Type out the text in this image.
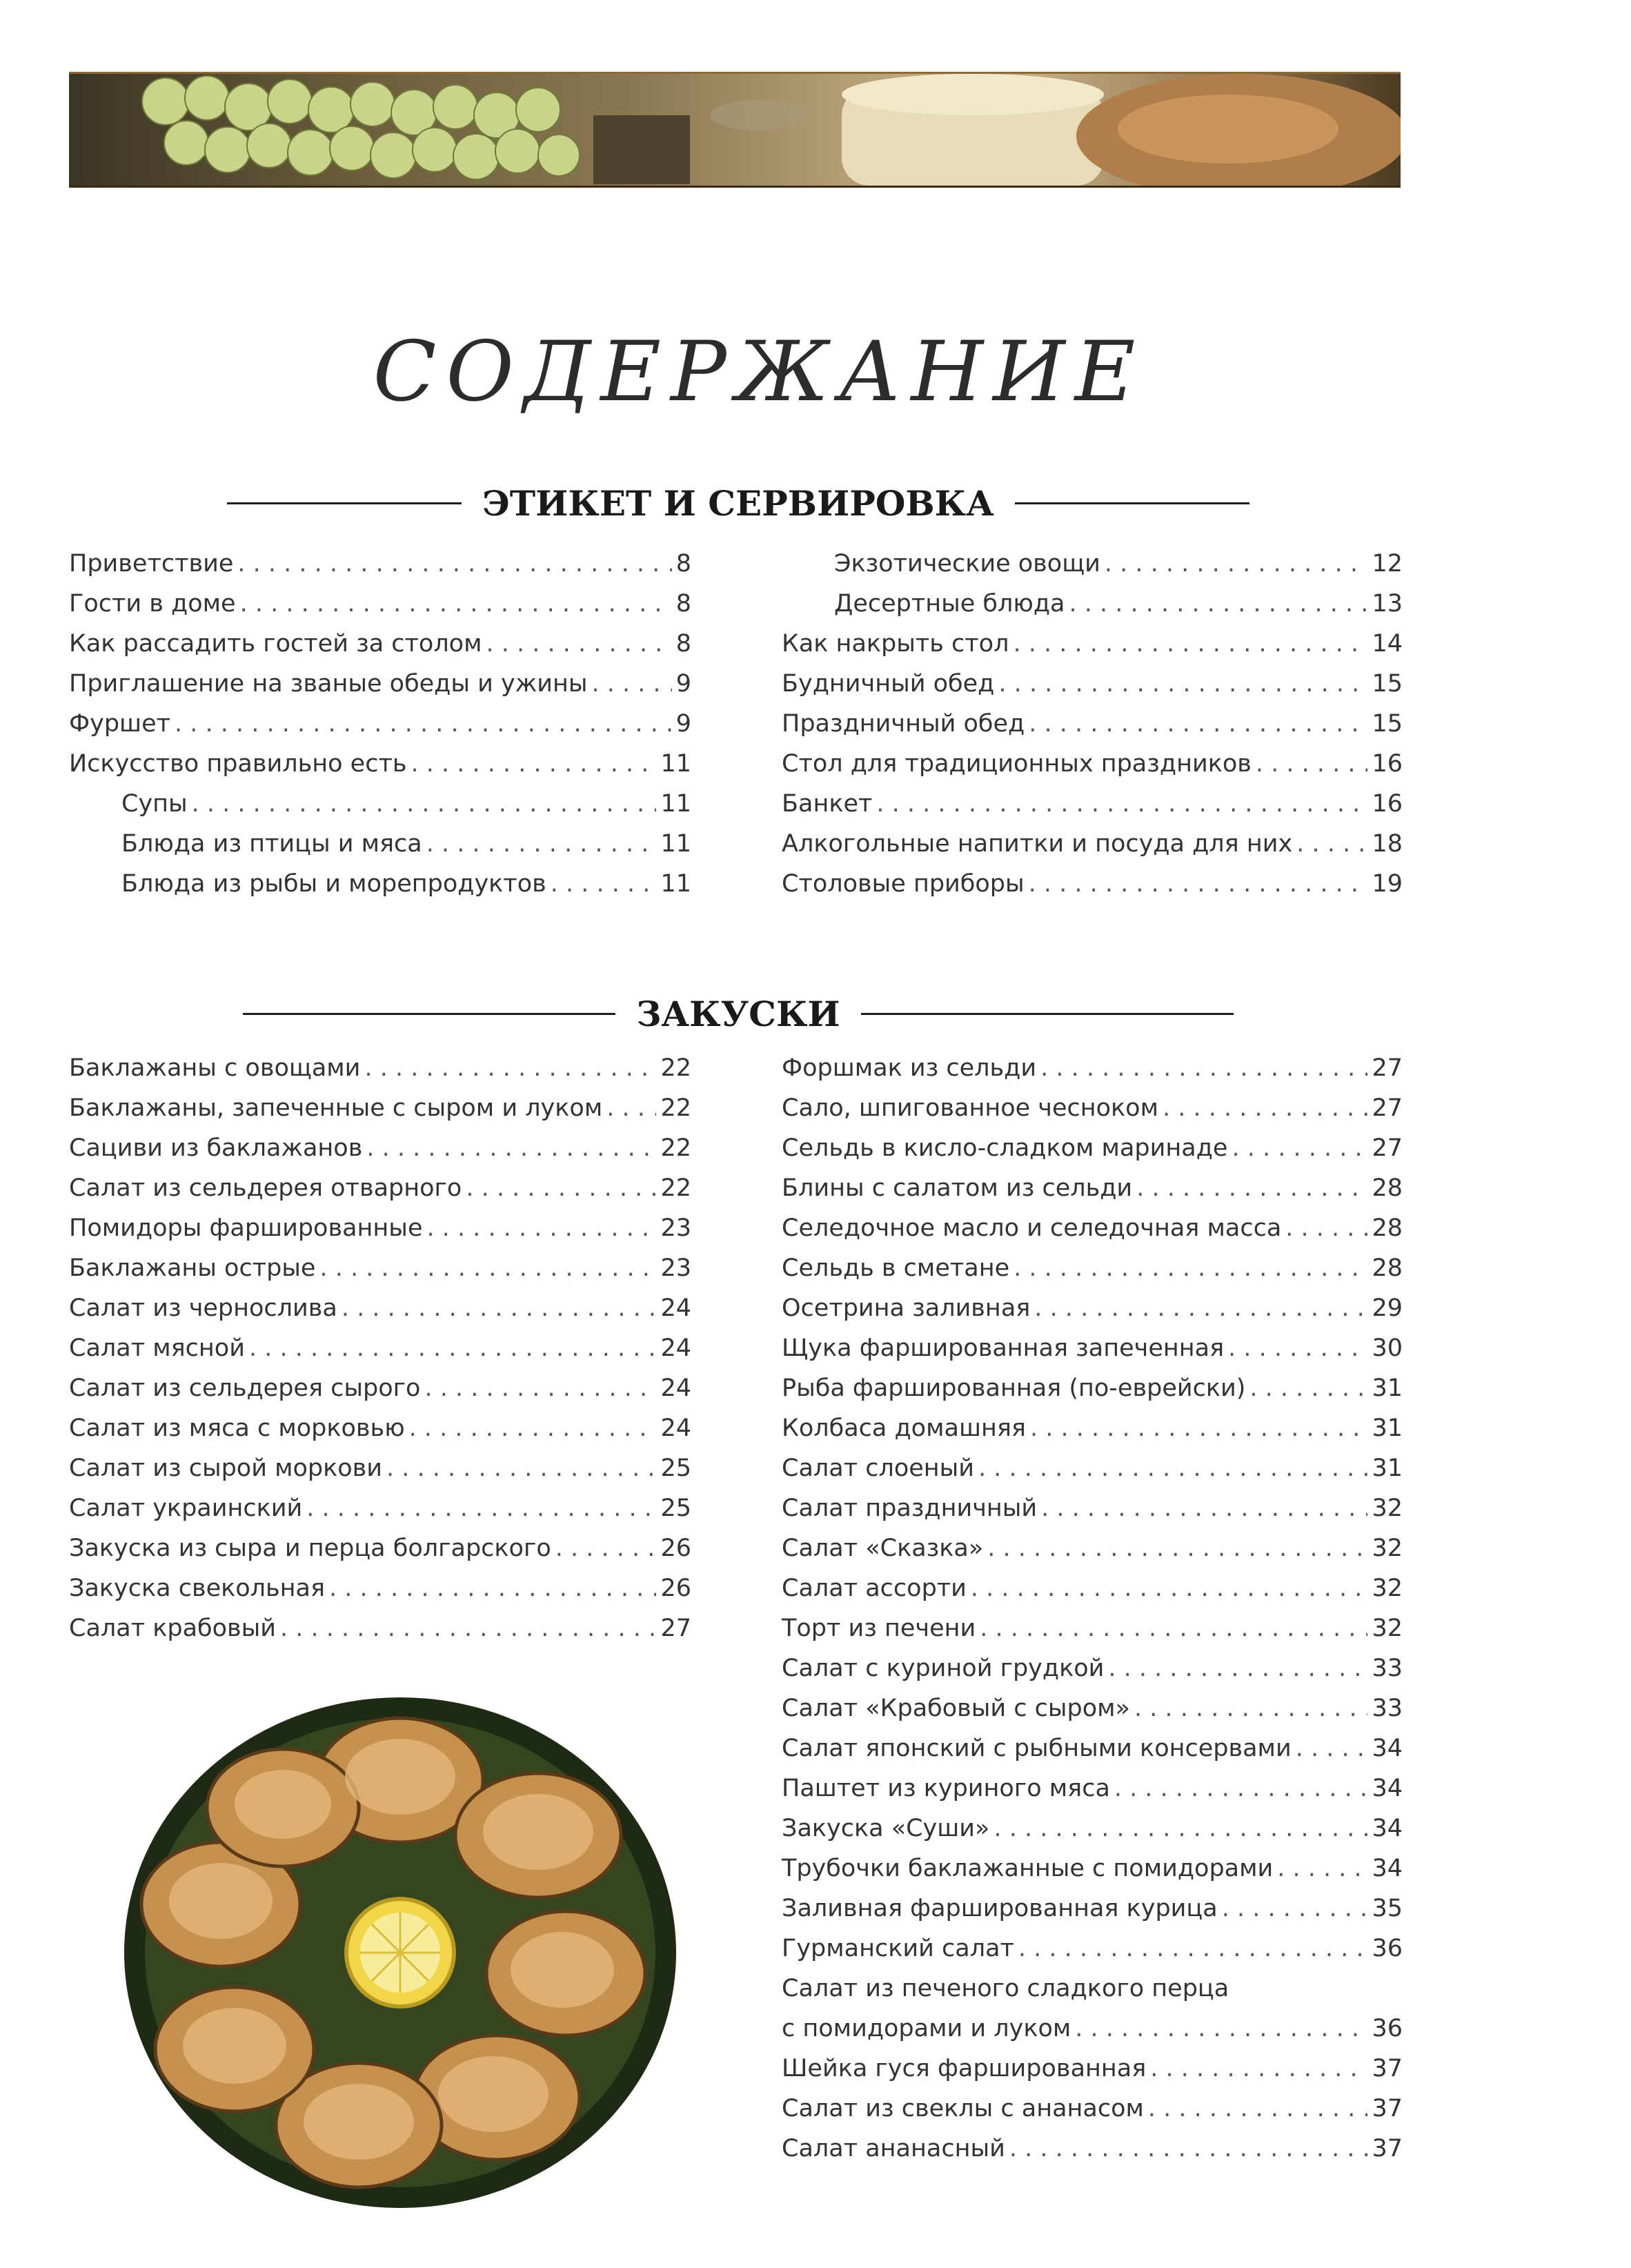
СОДЕРЖАНИЕ
ЭТИКЕТ И СЕРВИРОВКА
Приветствие . . .	8
Гости в доме . . .	8
Как рассадить гостей за столом . . .	8
Приглашение на званые обеды и ужины . . .	9
Фуршет . . .	9
Искусство правильно есть . . .	11
Супы . . .	11
Блюда из птицы и мяса . . .	11
Блюда из рыбы и морепродуктов . . .	11
Экзотические овощи . . .	12
Десертные блюда . . .	13
Как накрыть стол . . .	14
Будничный обед . . .	15
Праздничный обед . . .	15
Стол для традиционных праздников . . .	16
Банкет . . .	16
Алкогольные напитки и посуда для них . . .	18
Столовые приборы . . .	19
ЗАКУСКИ
Баклажаны с овощами . . .	22
Баклажаны, запеченные с сыром и луком . . . 22
Сациви из баклажанов . . .	22
Салат из сельдерея отварного . . .	22
Помидоры фаршированные . . .	23
Баклажаны острые . . .	23
Салат из чернослива . . .	24
Салат мясной . . .	24
Салат из сельдерея сырого . . .	24
Салат из мяса с морковью . . .	24
Салат из сырой моркови . . .	25
Салат украинский . . .	25
Закуска из сыра и перца болгарского . . .	26
Закуска свекольная . . .	26
Салат крабовый . . .	27
Форшмак из сельди . . .	27
Сало, шпигованное чесноком . . .	27
Сельдь в кисло-сладком маринаде . . .	27
Блины с салатом из сельди . . .	28
Селедочное масло и селедочная масса . . .	28
Сельдь в сметане . . .	28
Осетрина заливная . . .	29
Щука фаршированная запеченная . . .	30
Рыба фаршированная (по-еврейски) . . .	31
Колбаса домашняя . . .	31
Салат слоеный . . .	31
Салат праздничный . . .	32
Салат «Сказка» . . .	32
Салат ассорти . . .	32
Торт из печени . . .	32
Салат с куриной грудкой . . .	33
Салат «Крабовый с сыром» . . .	33
Салат японский с рыбными консервами . . .	34
Паштет из куриного мяса . . .	34
Закуска «Суши» . . .	34
Трубочки баклажанные с помидорами . . .	34
Заливная фаршированная курица . . .	35
Гурманский салат . . .	36
Салат из печеного сладкого перца
с помидорами и луком . . .	36
Шейка гуся фаршированная . . .	37
Салат из свеклы с ананасом . . .	37
Салат ананасный . . .	37
